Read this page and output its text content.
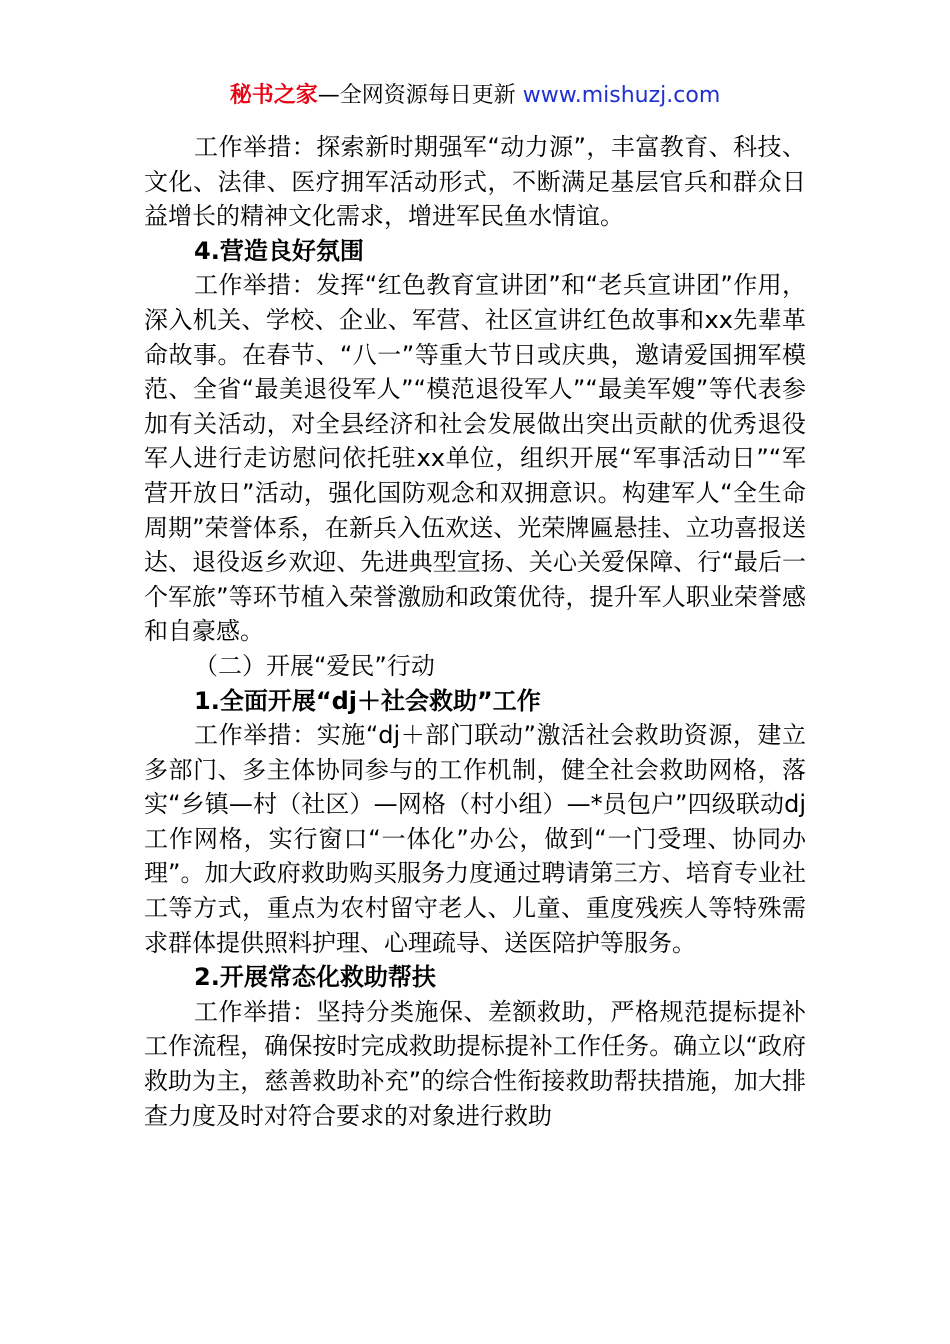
秘书之家—全网资源每日更新 www.mishuzj.com

工作举措：探索新时期强军“动力源”，丰富教育、科技、文化、法律、医疗拥军活动形式，不断满足基层官兵和群众日益增长的精神文化需求，增进军民鱼水情谊。

4.营造良好氛围

工作举措：发挥“红色教育宣讲团”和“老兵宣讲团”作用，深入机关、学校、企业、军营、社区宣讲红色故事和xx先辈革命故事。在春节、“八一”等重大节日或庆典，邀请爱国拥军模范、全省“最美退役军人”“模范退役军人”“最美军嫂”等代表参加有关活动，对全县经济和社会发展做出突出贡献的优秀退役军人进行走访慰问依托驻xx单位，组织开展“军事活动日”“军营开放日”活动，强化国防观念和双拥意识。构建军人“全生命周期”荣誉体系，在新兵入伍欢送、光荣牌匾悬挂、立功喜报送达、退役返乡欢迎、先进典型宣扬、关心关爱保障、行“最后一个军旅”等环节植入荣誉激励和政策优待，提升军人职业荣誉感和自豪感。

（二）开展“爱民”行动

1.全面开展“dj＋社会救助”工作

工作举措：实施“dj＋部门联动”激活社会救助资源，建立多部门、多主体协同参与的工作机制，健全社会救助网格，落实“乡镇—村（社区）—网格（村小组）—*员包户”四级联动dj工作网格，实行窗口“一体化”办公，做到“一门受理、协同办理”。加大政府救助购买服务力度通过聘请第三方、培育专业社工等方式，重点为农村留守老人、儿童、重度残疾人等特殊需求群体提供照料护理、心理疏导、送医陪护等服务。

2.开展常态化救助帮扶

工作举措：坚持分类施保、差额救助，严格规范提标提补工作流程，确保按时完成救助提标提补工作任务。确立以“政府救助为主，慈善救助补充”的综合性衔接救助帮扶措施，加大排查力度及时对符合要求的对象进行救助
